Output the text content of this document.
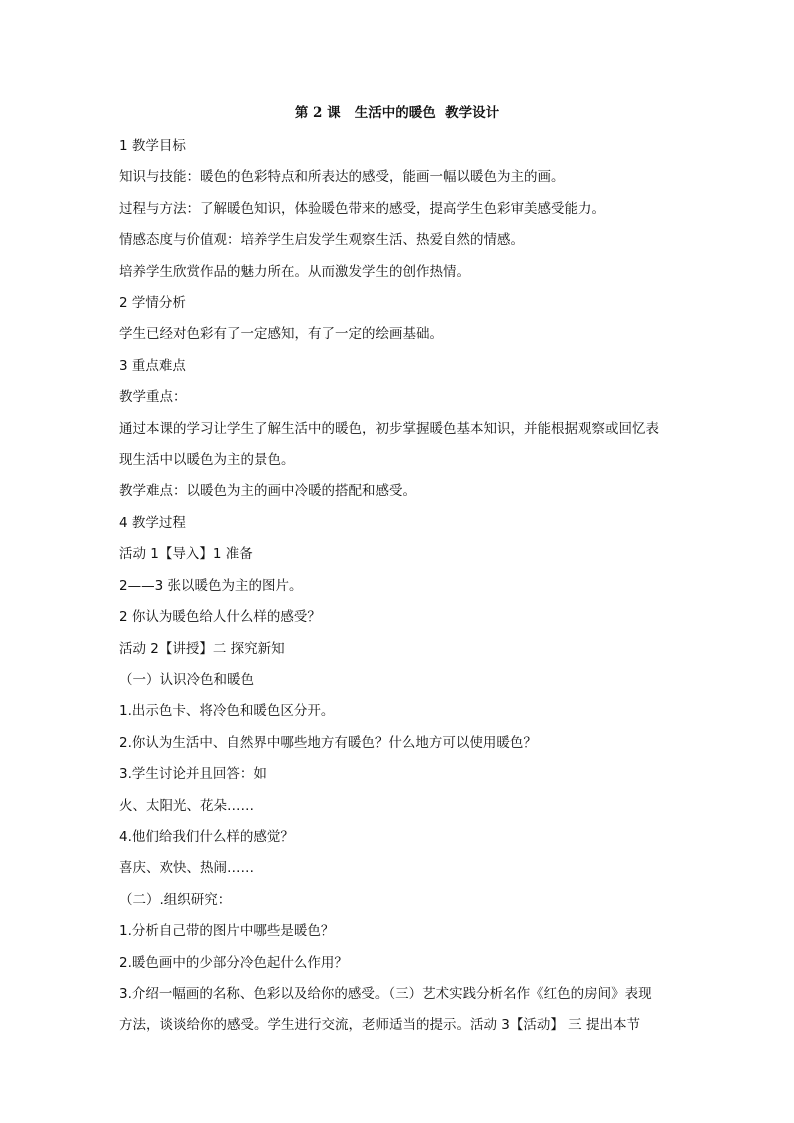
第 2 课   生活中的暖色  教学设计
1 教学目标
知识与技能：暖色的色彩特点和所表达的感受，能画一幅以暖色为主的画。
过程与方法：了解暖色知识，体验暖色带来的感受，提高学生色彩审美感受能力。
情感态度与价值观：培养学生启发学生观察生活、热爱自然的情感。
培养学生欣赏作品的魅力所在。从而激发学生的创作热情。
2 学情分析
学生已经对色彩有了一定感知，有了一定的绘画基础。
3 重点难点
教学重点：
通过本课的学习让学生了解生活中的暖色，初步掌握暖色基本知识，并能根据观察或回忆表
现生活中以暖色为主的景色。
教学难点：以暖色为主的画中冷暖的搭配和感受。
4 教学过程
活动 1【导入】1 准备
2——3 张以暖色为主的图片。
2 你认为暖色给人什么样的感受？
活动 2【讲授】二 探究新知
（一）认识冷色和暖色
1.出示色卡、将冷色和暖色区分开。
2.你认为生活中、自然界中哪些地方有暖色？什么地方可以使用暖色？
3.学生讨论并且回答：如
火、太阳光、花朵……
4.他们给我们什么样的感觉？
喜庆、欢快、热闹……
（二）.组织研究：
1.分析自己带的图片中哪些是暖色？
2.暖色画中的少部分冷色起什么作用？
3.介绍一幅画的名称、色彩以及给你的感受。（三）艺术实践分析名作《红色的房间》表现
方法，谈谈给你的感受。学生进行交流，老师适当的提示。活动 3【活动】 三 提出本节
